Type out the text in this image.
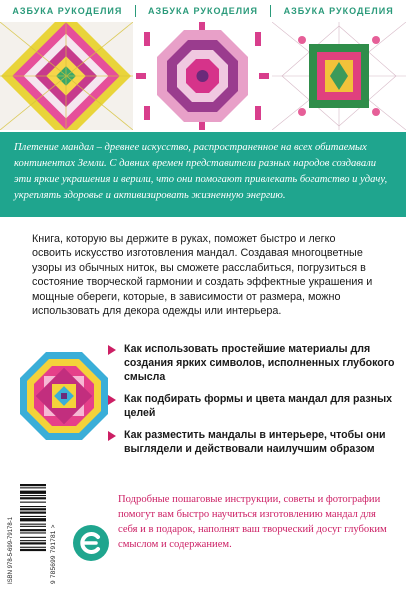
АЗБУКА РУКОДЕЛИЯ	АЗБУКА РУКОДЕЛИЯ	АЗБУКА РУКОДЕЛИЯ
Плетение мандал – древнее искусство, распространенное на всех обитаемых континентах Земли. С давних времен представители разных народов создавали эти яркие украшения и верили, что они помогают привлекать богатство и удачу, укреплять здоровье и активизировать жизненную энергию.
Книга, которую вы держите в руках, поможет быстро и легко освоить искусство изготовления мандал. Создавая многоцветные узоры из обычных ниток, вы сможете расслабиться, погрузиться в состояние творческой гармонии и создать эффектные украшения и мощные обереги, которые, в зависимости от размера, можно использовать для декора одежды или интерьера.
Как использовать простейшие материалы для создания ярких символов, исполненных глубокого смысла
Как подбирать формы и цвета мандал для разных целей
Как разместить мандалы в интерьере, чтобы они выглядели и действовали наилучшим образом
ISBN 978-5-699-79178-1	9 785699 791781 >
Подробные пошаговые инструкции, советы и фотографии помогут вам быстро научиться изготовлению мандал для себя и в подарок, наполнят ваш творческий досуг глубоким смыслом и содержанием.
